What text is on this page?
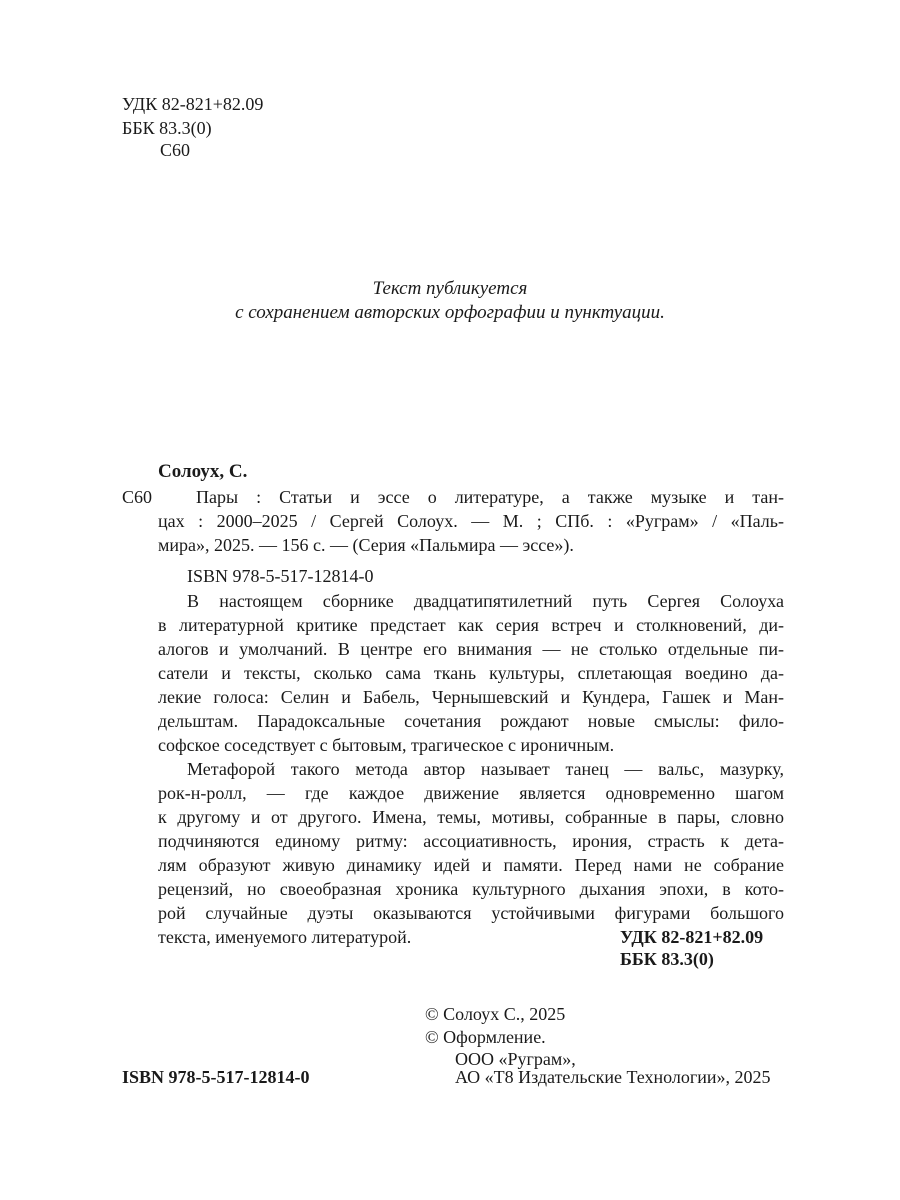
УДК 82-821+82.09
ББК 83.3(0)
С60
Текст публикуется
с сохранением авторских орфографии и пунктуации.
Солоух, С.
С60 Пары : Статьи и эссе о литературе, а также музыке и тан-
цах : 2000–2025 / Сергей Солоух. — М. ; СПб. : «Руграм» / «Паль-
мира», 2025. — 156 с. — (Серия «Пальмира — эссе»).
ISBN 978-5-517-12814-0
В настоящем сборнике двадцатипятилетний путь Сергея Солоуха
в литературной критике предстает как серия встреч и столкновений, ди-
алогов и умолчаний. В центре его внимания — не столько отдельные пи-
сатели и тексты, сколько сама ткань культуры, сплетающая воедино да-
лекие голоса: Селин и Бабель, Чернышевский и Кундера, Гашек и Ман-
дельштам. Парадоксальные сочетания рождают новые смыслы: фило-
софское соседствует с бытовым, трагическое с ироничным.
Метафорой такого метода автор называет танец — вальс, мазурку,
рок-н-ролл, — где каждое движение является одновременно шагом
к другому и от другого. Имена, темы, мотивы, собранные в пары, словно
подчиняются единому ритму: ассоциативность, ирония, страсть к дета-
лям образуют живую динамику идей и памяти. Перед нами не собрание
рецензий, но своеобразная хроника культурного дыхания эпохи, в кото-
рой случайные дуэты оказываются устойчивыми фигурами большого
текста, именуемого литературой.	УДК 82-821+82.09
ББК 83.3(0)
© Солоух С., 2025
© Оформление.
ООО «Руграм»,
АО «Т8 Издательские Технологии», 2025
ISBN 978-5-517-12814-0
